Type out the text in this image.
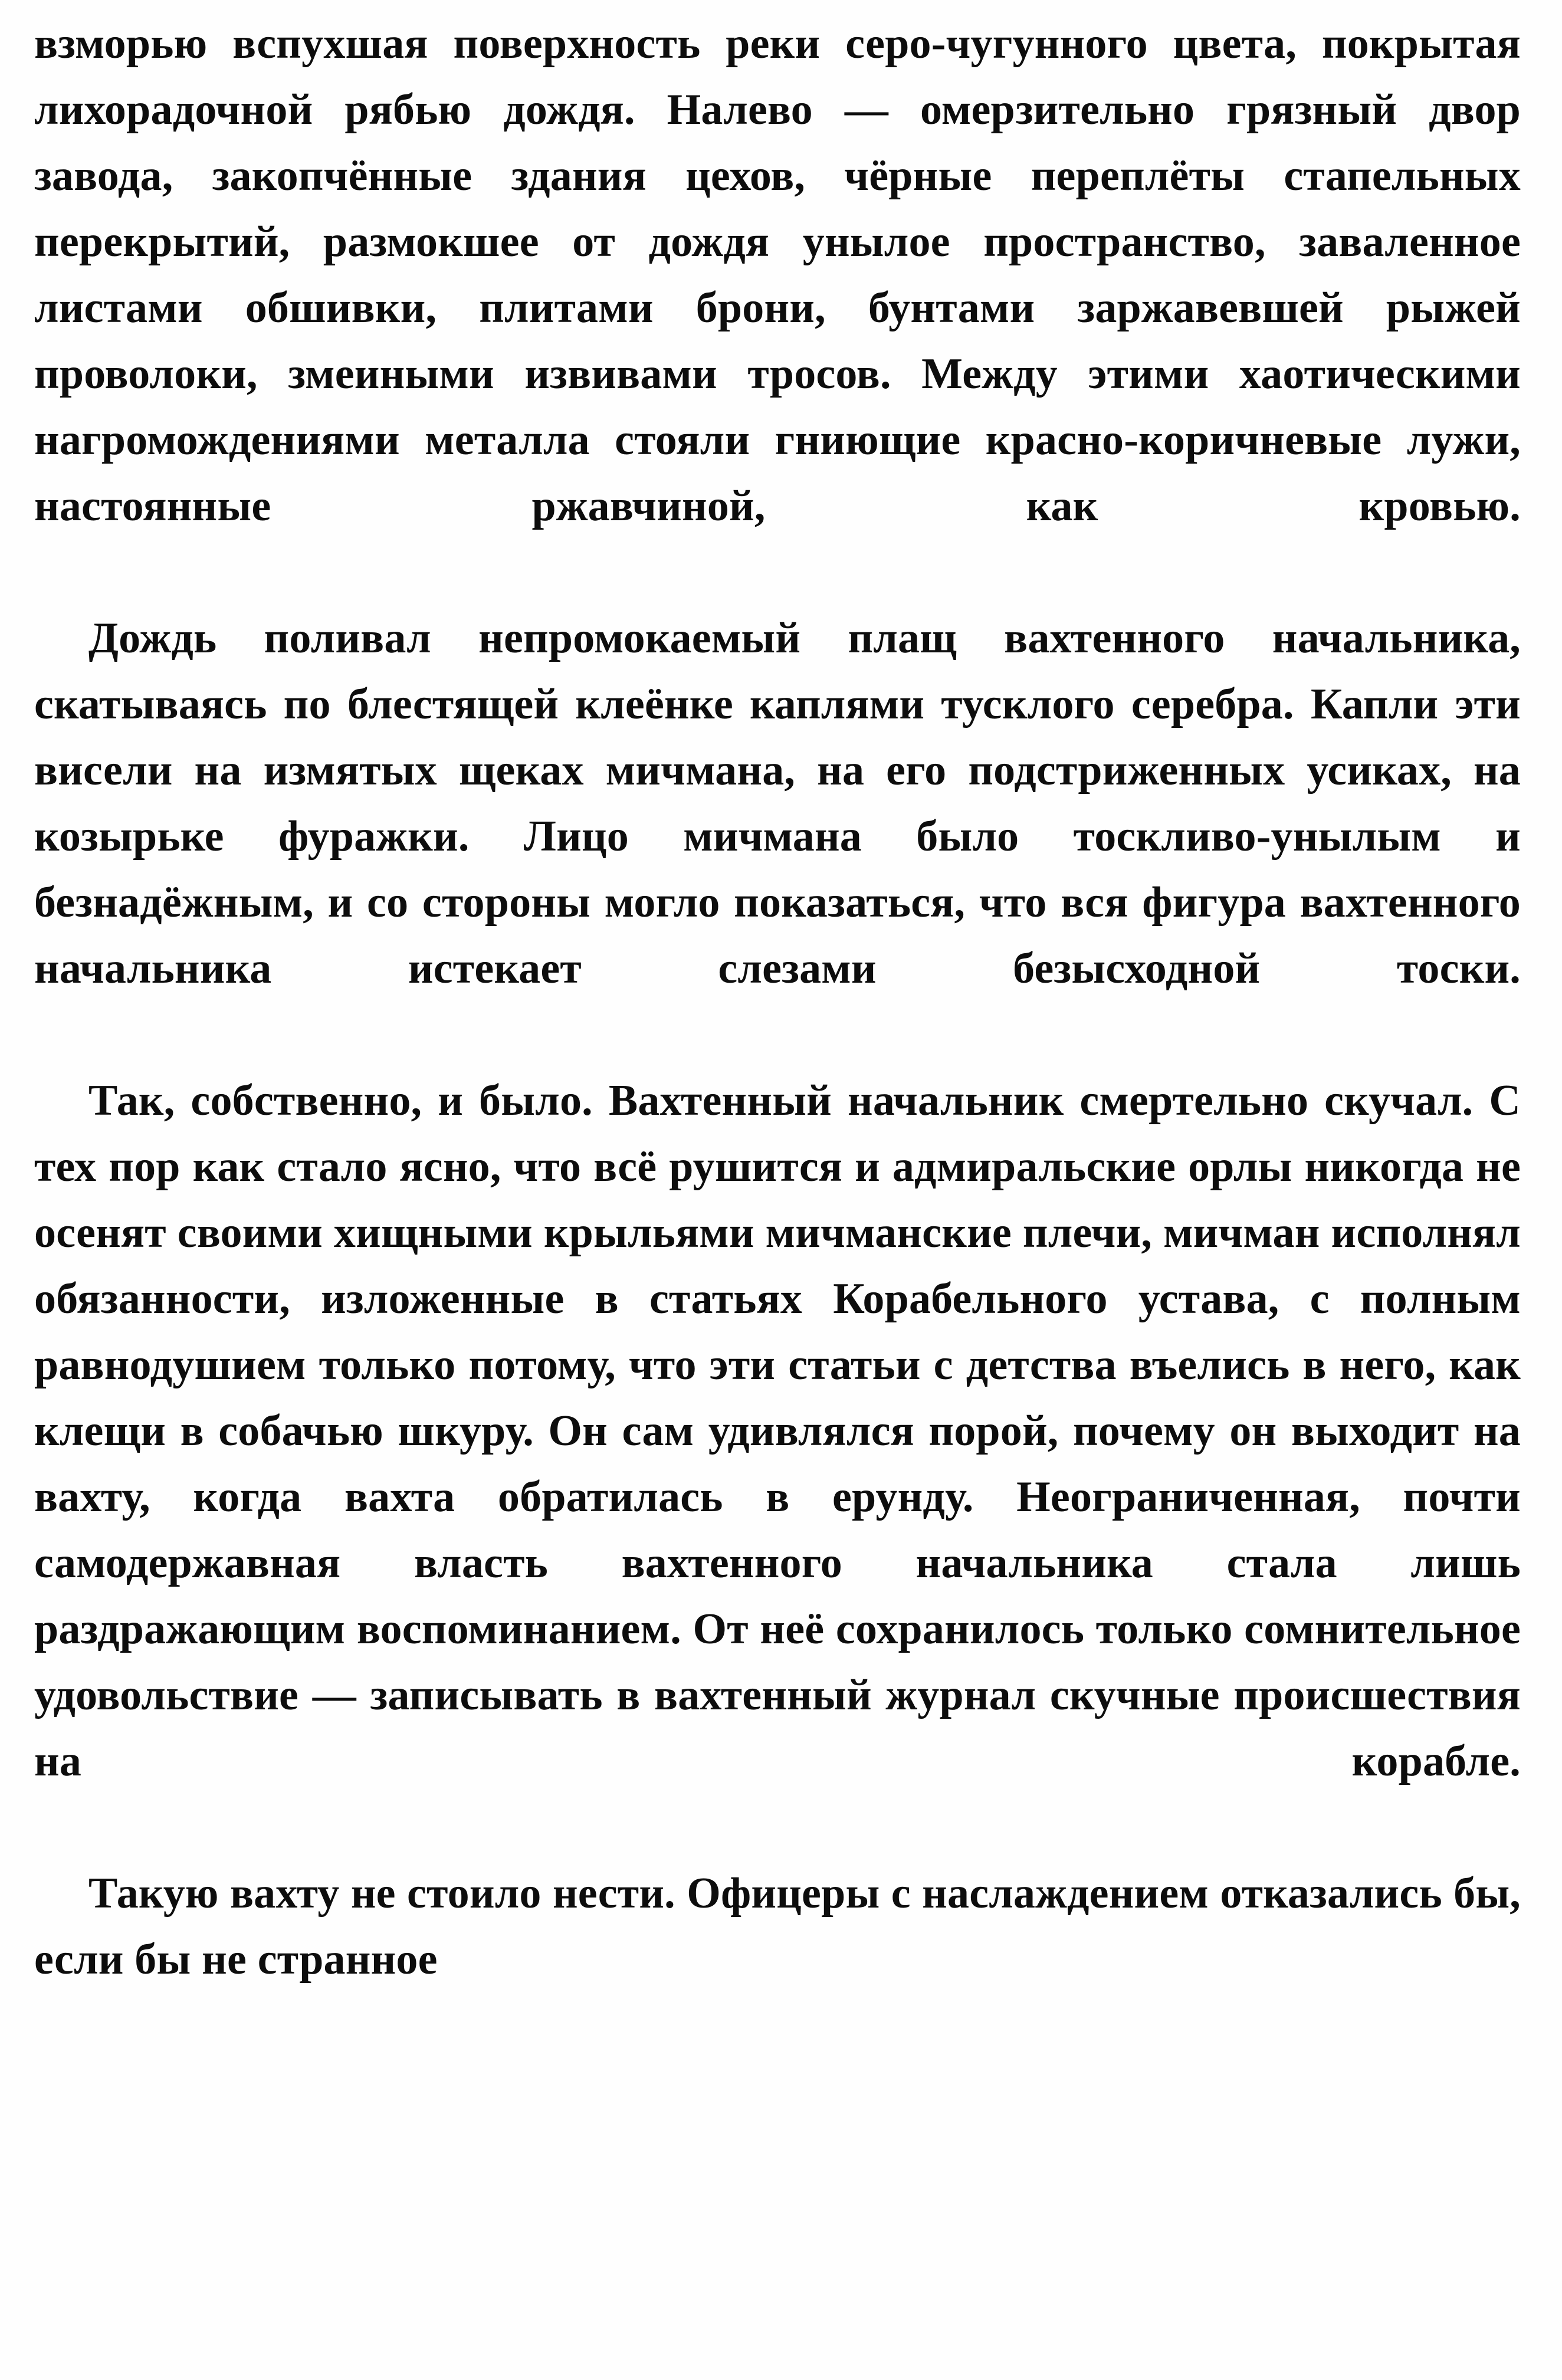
взморью вспухшая поверхность реки серо-чугунного цвета, покрытая лихорадочной рябью дождя. Налево — омерзительно грязный двор завода, закопчённые здания цехов, чёрные переплёты стапельных перекрытий, размокшее от дождя унылое пространство, заваленное листами обшивки, плитами брони, бунтами заржавевшей рыжей проволоки, змеиными извивами тросов. Между этими хаотическими нагромождениями металла стояли гниющие красно-коричневые лужи, настоянные ржавчиной, как кровью.

Дождь поливал непромокаемый плащ вахтенного начальника, скатываясь по блестящей клеёнке каплями тусклого серебра. Капли эти висели на измятых щеках мичмана, на его подстриженных усиках, на козырьке фуражки. Лицо мичмана было тоскливо-унылым и безнадёжным, и со стороны могло показаться, что вся фигура вахтенного начальника истекает слезами безысходной тоски.

Так, собственно, и было. Вахтенный начальник смертельно скучал. С тех пор как стало ясно, что всё рушится и адмиральские орлы никогда не осенят своими хищными крыльями мичманские плечи, мичман исполнял обязанности, изложенные в статьях Корабельного устава, с полным равнодушием только потому, что эти статьи с детства въелись в него, как клещи в собачью шкуру. Он сам удивлялся порой, почему он выходит на вахту, когда вахта обратилась в ерунду. Неограниченная, почти самодержавная власть вахтенного начальника стала лишь раздражающим воспоминанием. От неё сохранилось только сомнительное удовольствие — записывать в вахтенный журнал скучные происшествия на корабле.

Такую вахту не стоило нести. Офицеры с наслаждением отказались бы, если бы не странное
